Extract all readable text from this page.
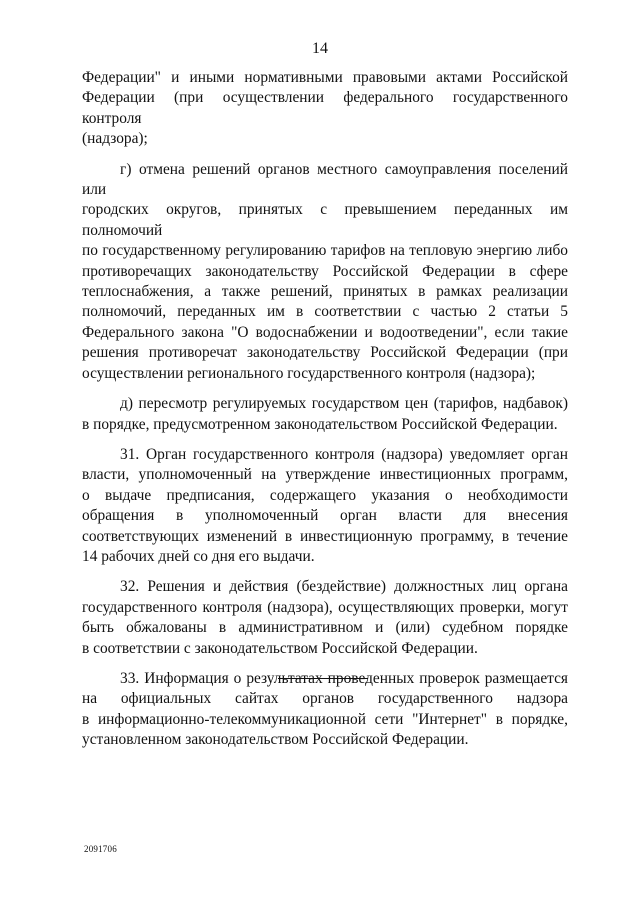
14
Федерации" и иными нормативными правовыми актами Российской
Федерации (при осуществлении федерального государственного контроля
(надзора);
г) отмена решений органов местного самоуправления поселений или
городских округов, принятых с превышением переданных им полномочий
по государственному регулированию тарифов на тепловую энергию либо
противоречащих законодательству Российской Федерации в сфере
теплоснабжения, а также решений, принятых в рамках реализации
полномочий, переданных им в соответствии с частью 2 статьи 5
Федерального закона "О водоснабжении и водоотведении", если такие
решения противоречат законодательству Российской Федерации (при
осуществлении регионального государственного контроля (надзора);
д) пересмотр регулируемых государством цен (тарифов, надбавок)
в порядке, предусмотренном законодательством Российской Федерации.
31. Орган государственного контроля (надзора) уведомляет орган
власти, уполномоченный на утверждение инвестиционных программ,
о выдаче предписания, содержащего указания о необходимости
обращения в уполномоченный орган власти для внесения
соответствующих изменений в инвестиционную программу, в течение
14 рабочих дней со дня его выдачи.
32. Решения и действия (бездействие) должностных лиц органа
государственного контроля (надзора), осуществляющих проверки, могут
быть обжалованы в административном и (или) судебном порядке
в соответствии с законодательством Российской Федерации.
33. Информация о результатах проведенных проверок размещается
на официальных сайтах органов государственного надзора
в информационно-телекоммуникационной сети "Интернет" в порядке,
установленном законодательством Российской Федерации.
2091706
